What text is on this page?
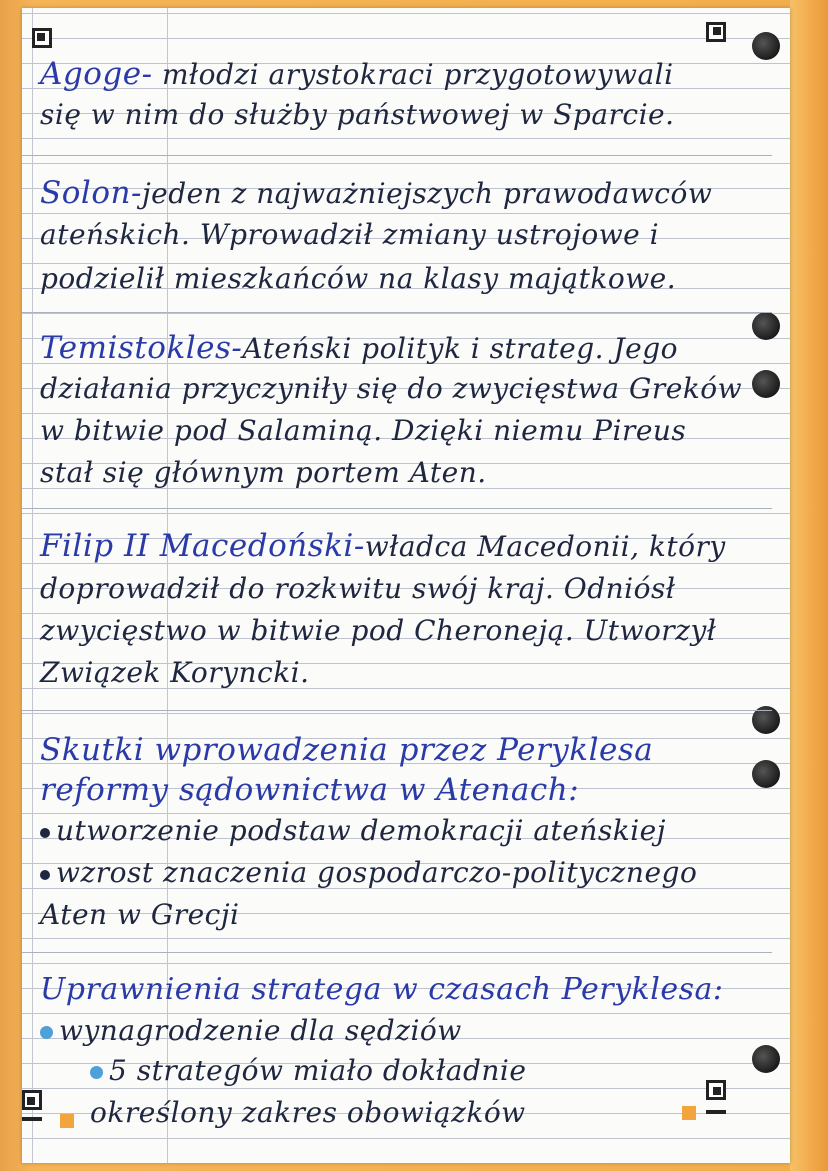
Agoge- młodzi arystokraci przygotowywali
się w nim do służby państwowej w Sparcie.
Solon-jeden z najważniejszych prawodawców
ateńskich. Wprowadził zmiany ustrojowe i
podzielił mieszkańców na klasy majątkowe.
Temistokles-Ateński polityk i strateg. Jego
działania przyczyniły się do zwycięstwa Greków
w bitwie pod Salaminą. Dzięki niemu Pireus
stał się głównym portem Aten.
Filip II Macedoński-władca Macedonii, który
doprowadził do rozkwitu swój kraj. Odniósł
zwycięstwo w bitwie pod Cheroneją. Utworzył
Związek Koryncki.
Skutki wprowadzenia przez Peryklesa
reformy sądownictwa w Atenach:
utworzenie podstaw demokracji ateńskiej
wzrost znaczenia gospodarczo-politycznego
Aten w Grecji
Uprawnienia stratega w czasach Peryklesa:
wynagrodzenie dla sędziów
5 strategów miało dokładnie
określony zakres obowiązków
